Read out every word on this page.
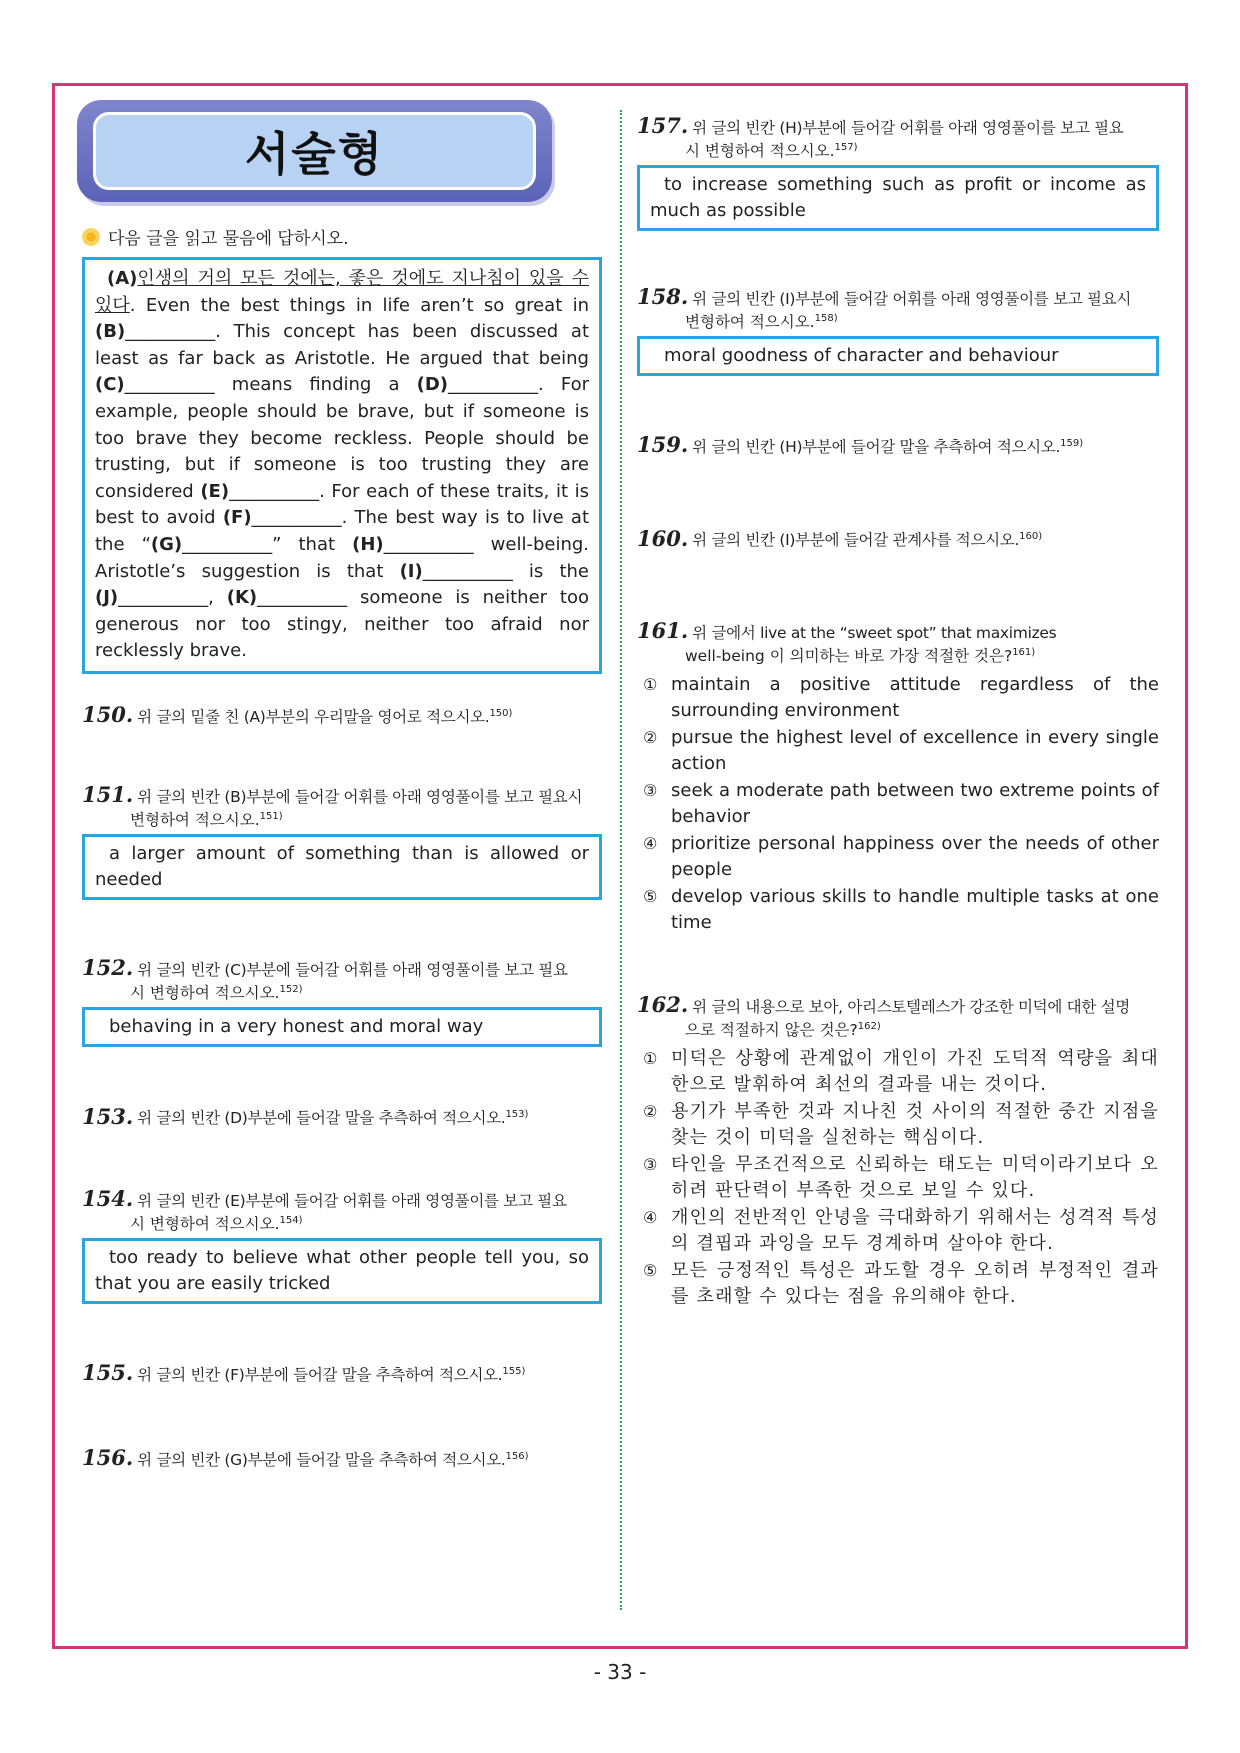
서술형
다음 글을 읽고 물음에 답하시오.

(A)인생의 거의 모든 것에는, 좋은 것에도 지나침이 있을 수 있다. Even the best things in life aren’t so great in (B)__________. This concept has been discussed at least as far back as Aristotle. He argued that being (C)__________ means finding a (D)__________. For example, people should be brave, but if someone is too brave they become reckless. People should be trusting, but if someone is too trusting they are considered (E)__________. For each of these traits, it is best to avoid (F)__________. The best way is to live at the “(G)__________” that (H)__________ well-being. Aristotle’s suggestion is that (I)__________ is the (J)__________, (K)__________ someone is neither too generous nor too stingy, neither too afraid nor recklessly brave.

150. 위 글의 밑줄 친 (A)부분의 우리말을 영어로 적으시오.$^{150)}$
151. 위 글의 빈칸 (B)부분에 들어갈 어휘를 아래 영영풀이를 보고 필요시
변형하여 적으시오.$^{151)}$
a larger amount of something than is allowed or needed
152. 위 글의 빈칸 (C)부분에 들어갈 어휘를 아래 영영풀이를 보고 필요
시 변형하여 적으시오.$^{152)}$
behaving in a very honest and moral way
153. 위 글의 빈칸 (D)부분에 들어갈 말을 추측하여 적으시오.$^{153)}$
154. 위 글의 빈칸 (E)부분에 들어갈 어휘를 아래 영영풀이를 보고 필요
시 변형하여 적으시오.$^{154)}$
too ready to believe what other people tell you, so that you are easily tricked
155. 위 글의 빈칸 (F)부분에 들어갈 말을 추측하여 적으시오.$^{155)}$
156. 위 글의 빈칸 (G)부분에 들어갈 말을 추측하여 적으시오.$^{156)}$
157. 위 글의 빈칸 (H)부분에 들어갈 어휘를 아래 영영풀이를 보고 필요
시 변형하여 적으시오.$^{157)}$
to increase something such as profit or income as much as possible
158. 위 글의 빈칸 (I)부분에 들어갈 어휘를 아래 영영풀이를 보고 필요시
변형하여 적으시오.$^{158)}$
moral goodness of character and behaviour
159. 위 글의 빈칸 (H)부분에 들어갈 말을 추측하여 적으시오.$^{159)}$
160. 위 글의 빈칸 (I)부분에 들어갈 관계사를 적으시오.$^{160)}$
161. 위 글에서 live at the “sweet spot” that maximizes
well-being 이 의미하는 바로 가장 적절한 것은?$^{161)}$
① maintain a positive attitude regardless of the surrounding environment
② pursue the highest level of excellence in every single action
③ seek a moderate path between two extreme points of behavior
④ prioritize personal happiness over the needs of other people
⑤ develop various skills to handle multiple tasks at one time
162. 위 글의 내용으로 보아, 아리스토텔레스가 강조한 미덕에 대한 설명
으로 적절하지 않은 것은?$^{162)}$
① 미덕은 상황에 관계없이 개인이 가진 도덕적 역량을 최대한으로 발휘하여 최선의 결과를 내는 것이다.
② 용기가 부족한 것과 지나친 것 사이의 적절한 중간 지점을 찾는 것이 미덕을 실천하는 핵심이다.
③ 타인을 무조건적으로 신뢰하는 태도는 미덕이라기보다 오히려 판단력이 부족한 것으로 보일 수 있다.
④ 개인의 전반적인 안녕을 극대화하기 위해서는 성격적 특성의 결핍과 과잉을 모두 경계하며 살아야 한다.
⑤ 모든 긍정적인 특성은 과도할 경우 오히려 부정적인 결과를 초래할 수 있다는 점을 유의해야 한다.
- 33 -
